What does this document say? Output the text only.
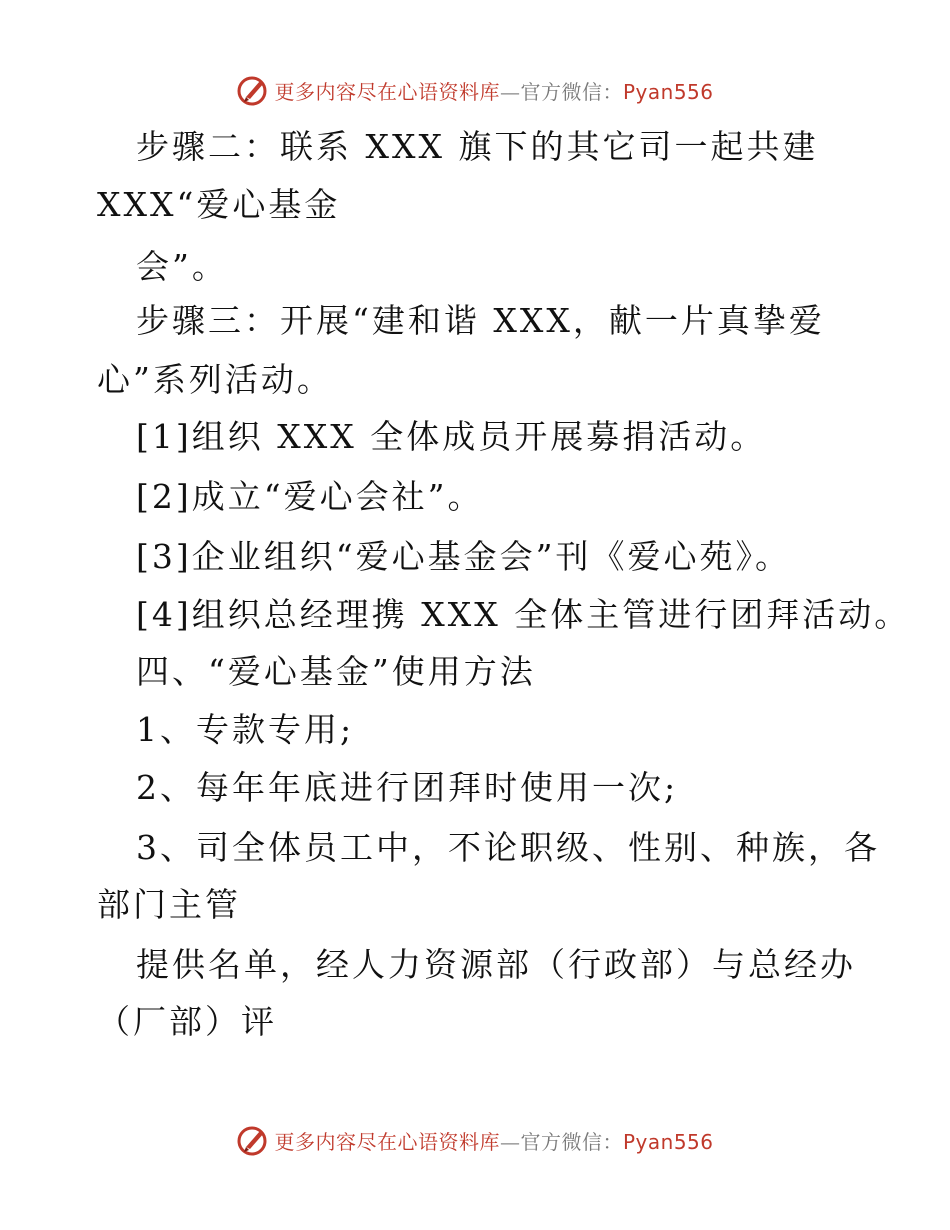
更多内容尽在心语资料库—官方微信：Pyan556
步骤二：联系 XXX 旗下的其它司一起共建
XXX“爱心基金
会”。
步骤三：开展“建和谐 XXX，献一片真挚爱
心”系列活动。
[1]组织 XXX 全体成员开展募捐活动。
[2]成立“爱心会社”。
[3]企业组织“爱心基金会”刊《爱心苑》。
[4]组织总经理携 XXX 全体主管进行团拜活动。
四、“爱心基金”使用方法
1、专款专用;
2、每年年底进行团拜时使用一次;
3、司全体员工中，不论职级、性别、种族，各
部门主管
提供名单，经人力资源部（行政部）与总经办
（厂部）评
更多内容尽在心语资料库—官方微信：Pyan556
